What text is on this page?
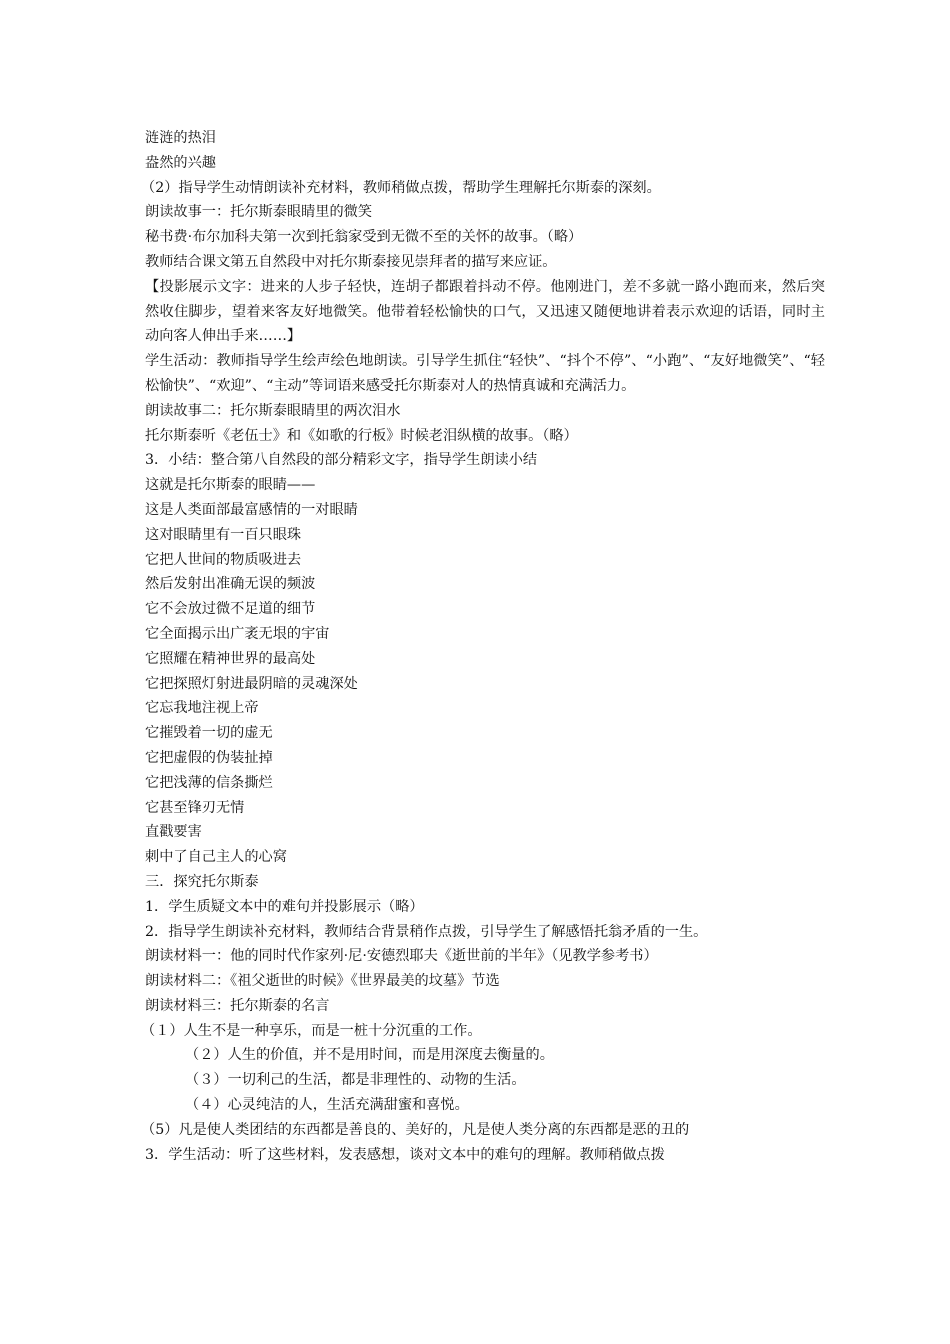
涟涟的热泪
盎然的兴趣
（2）指导学生动情朗读补充材料，教师稍做点拨，帮助学生理解托尔斯泰的深刻。
朗读故事一：托尔斯泰眼睛里的微笑
秘书费·布尔加科夫第一次到托翁家受到无微不至的关怀的故事。（略）
教师结合课文第五自然段中对托尔斯泰接见崇拜者的描写来应证。
【投影展示文字：进来的人步子轻快，连胡子都跟着抖动不停。他刚进门，差不多就一路小跑而来，然后突然收住脚步，望着来客友好地微笑。他带着轻松愉快的口气，又迅速又随便地讲着表示欢迎的话语，同时主动向客人伸出手来……】
学生活动：教师指导学生绘声绘色地朗读。引导学生抓住“轻快”、“抖个不停”、“小跑”、“友好地微笑”、“轻松愉快”、“欢迎”、“主动”等词语来感受托尔斯泰对人的热情真诚和充满活力。
朗读故事二：托尔斯泰眼睛里的两次泪水
托尔斯泰听《老伍士》和《如歌的行板》时候老泪纵横的故事。（略）
3．小结：整合第八自然段的部分精彩文字，指导学生朗读小结
这就是托尔斯泰的眼睛——
这是人类面部最富感情的一对眼睛
这对眼睛里有一百只眼珠
它把人世间的物质吸进去
然后发射出准确无误的频波
它不会放过微不足道的细节
它全面揭示出广袤无垠的宇宙
它照耀在精神世界的最高处
它把探照灯射进最阴暗的灵魂深处
它忘我地注视上帝
它摧毁着一切的虚无
它把虚假的伪装扯掉
它把浅薄的信条撕烂
它甚至锋刃无情
直戳要害
刺中了自己主人的心窝
三．探究托尔斯泰
1．学生质疑文本中的难句并投影展示（略）
2．指导学生朗读补充材料，教师结合背景稍作点拨，引导学生了解感悟托翁矛盾的一生。
朗读材料一：他的同时代作家列·尼·安德烈耶夫《逝世前的半年》（见教学参考书）
朗读材料二：《祖父逝世的时候》《世界最美的坟墓》节选
朗读材料三：托尔斯泰的名言
（１）人生不是一种享乐，而是一桩十分沉重的工作。
（２）人生的价值，并不是用时间，而是用深度去衡量的。
（３）一切利己的生活，都是非理性的、动物的生活。
（４）心灵纯洁的人，生活充满甜蜜和喜悦。
（5）凡是使人类团结的东西都是善良的、美好的，凡是使人类分离的东西都是恶的丑的
3．学生活动：听了这些材料，发表感想，谈对文本中的难句的理解。教师稍做点拨
